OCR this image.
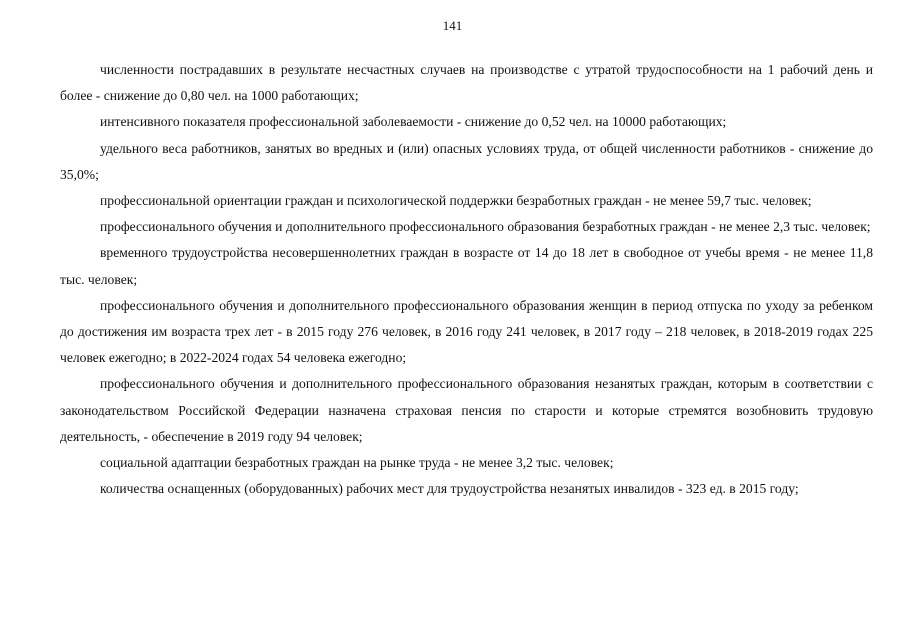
141

численности пострадавших в результате несчастных случаев на производстве с утратой трудоспособности на 1 рабочий день и более - снижение до 0,80 чел. на 1000 работающих;

интенсивного показателя профессиональной заболеваемости - снижение до 0,52 чел. на 10000 работающих;

удельного веса работников, занятых во вредных и (или) опасных условиях труда, от общей численности работников - снижение до 35,0%;

профессиональной ориентации граждан и психологической поддержки безработных граждан - не менее 59,7 тыс. человек;

профессионального обучения и дополнительного профессионального образования безработных граждан - не менее 2,3 тыс. человек;

временного трудоустройства несовершеннолетних граждан в возрасте от 14 до 18 лет в свободное от учебы время - не менее 11,8 тыс. человек;

профессионального обучения и дополнительного профессионального образования женщин в период отпуска по уходу за ребенком до достижения им возраста трех лет - в 2015 году 276 человек, в 2016 году 241 человек, в 2017 году – 218 человек, в 2018-2019 годах 225 человек ежегодно; в 2022-2024 годах 54 человека ежегодно;

профессионального обучения и дополнительного профессионального образования незанятых граждан, которым в соответствии с законодательством Российской Федерации назначена страховая пенсия по старости и которые стремятся возобновить трудовую деятельность, - обеспечение в 2019 году 94 человек;

социальной адаптации безработных граждан на рынке труда - не менее 3,2 тыс. человек;

количества оснащенных (оборудованных) рабочих мест для трудоустройства незанятых инвалидов - 323 ед. в 2015 году;
